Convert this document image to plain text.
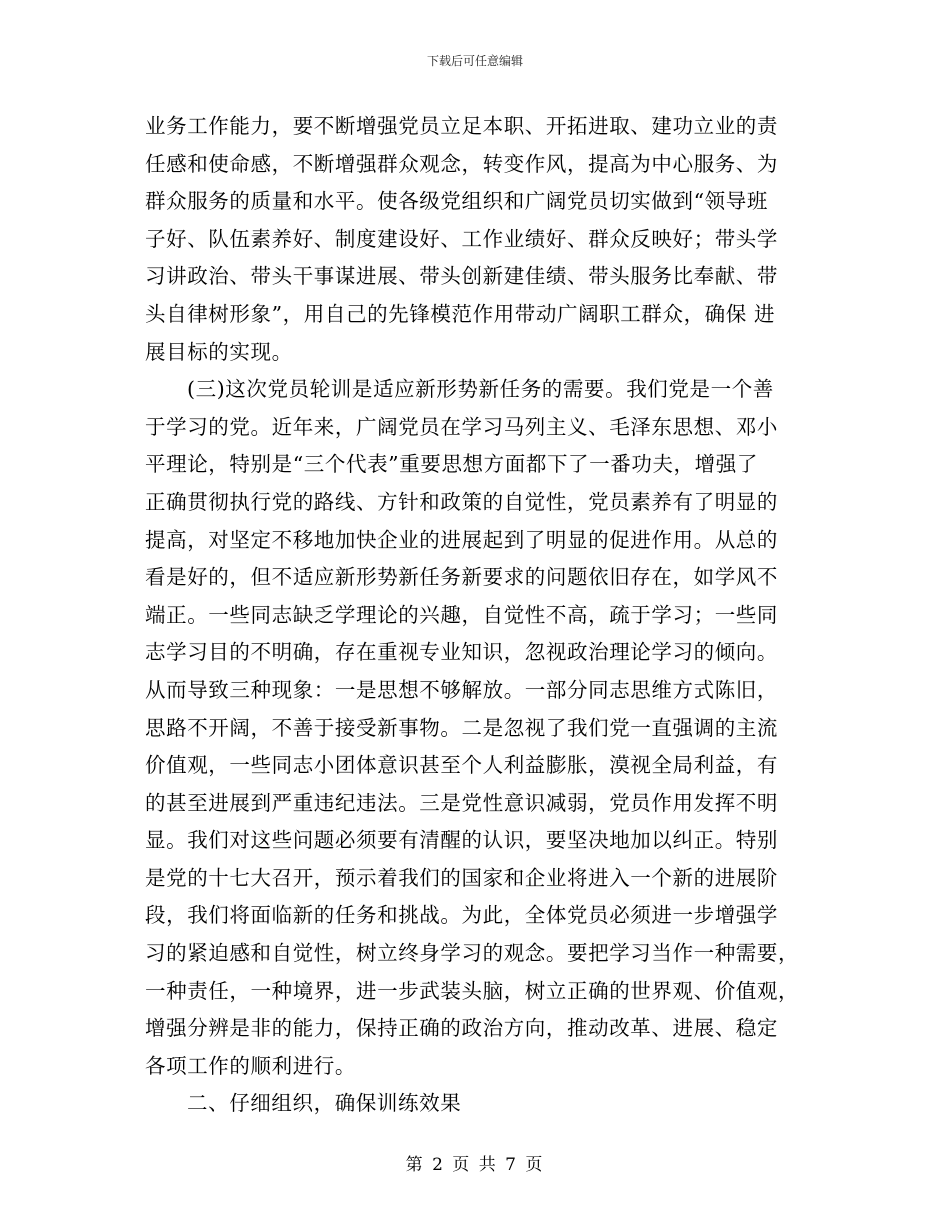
下载后可任意编辑
业务工作能力，要不断增强党员立足本职、开拓进取、建功立业的责
任感和使命感，不断增强群众观念，转变作风，提高为中心服务、为
群众服务的质量和水平。使各级党组织和广阔党员切实做到“领导班
子好、队伍素养好、制度建设好、工作业绩好、群众反映好；带头学
习讲政治、带头干事谋进展、带头创新建佳绩、带头服务比奉献、带
头自律树形象”，用自己的先锋模范作用带动广阔职工群众，确保 进
展目标的实现。
(三)这次党员轮训是适应新形势新任务的需要。我们党是一个善
于学习的党。近年来，广阔党员在学习马列主义、毛泽东思想、邓小
平理论，特别是“三个代表”重要思想方面都下了一番功夫，增强了
正确贯彻执行党的路线、方针和政策的自觉性，党员素养有了明显的
提高，对坚定不移地加快企业的进展起到了明显的促进作用。从总的
看是好的，但不适应新形势新任务新要求的问题依旧存在，如学风不
端正。一些同志缺乏学理论的兴趣，自觉性不高，疏于学习；一些同
志学习目的不明确，存在重视专业知识，忽视政治理论学习的倾向。
从而导致三种现象：一是思想不够解放。一部分同志思维方式陈旧，
思路不开阔，不善于接受新事物。二是忽视了我们党一直强调的主流
价值观，一些同志小团体意识甚至个人利益膨胀，漠视全局利益，有
的甚至进展到严重违纪违法。三是党性意识减弱，党员作用发挥不明
显。我们对这些问题必须要有清醒的认识，要坚决地加以纠正。特别
是党的十七大召开，预示着我们的国家和企业将进入一个新的进展阶
段，我们将面临新的任务和挑战。为此，全体党员必须进一步增强学
习的紧迫感和自觉性，树立终身学习的观念。要把学习当作一种需要，
一种责任，一种境界，进一步武装头脑，树立正确的世界观、价值观，
增强分辨是非的能力，保持正确的政治方向，推动改革、进展、稳定
各项工作的顺利进行。
二、仔细组织，确保训练效果
第 2 页 共 7 页
